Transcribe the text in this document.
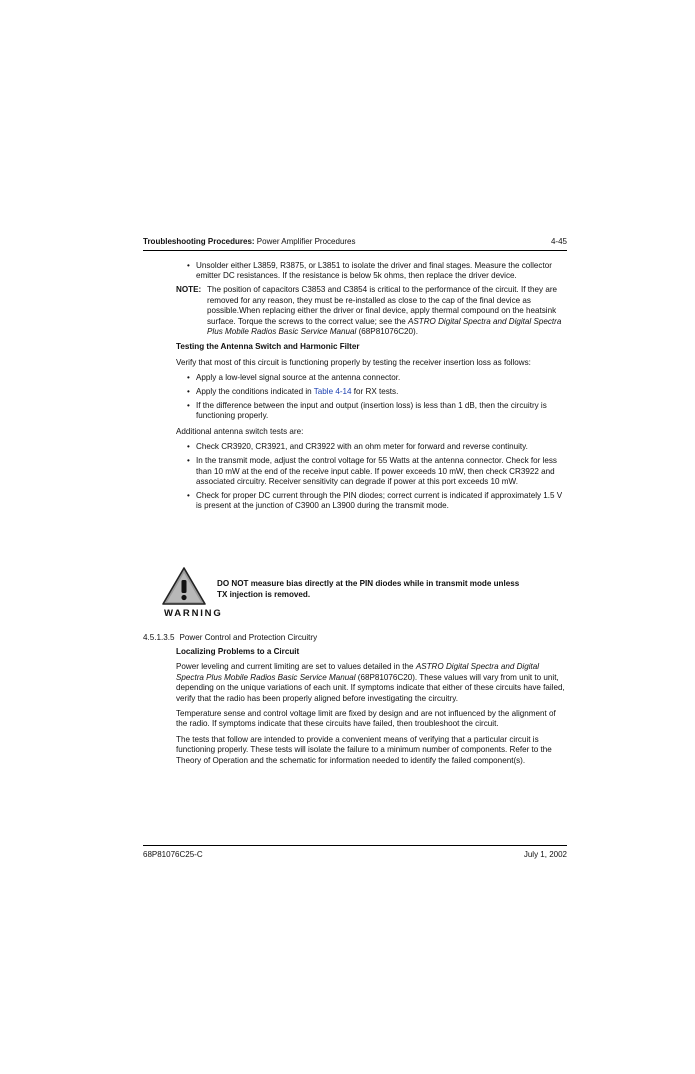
Troubleshooting Procedures: Power Amplifier Procedures	4-45
• Unsolder either L3859, R3875, or L3851 to isolate the driver and final stages. Measure the collector emitter DC resistances. If the resistance is below 5k ohms, then replace the driver device.
NOTE: The position of capacitors C3853 and C3854 is critical to the performance of the circuit. If they are removed for any reason, they must be re-installed as close to the cap of the final device as possible.When replacing either the driver or final device, apply thermal compound on the heatsink surface. Torque the screws to the correct value; see the ASTRO Digital Spectra and Digital Spectra Plus Mobile Radios Basic Service Manual (68P81076C20).
Testing the Antenna Switch and Harmonic Filter
Verify that most of this circuit is functioning properly by testing the receiver insertion loss as follows:
• Apply a low-level signal source at the antenna connector.
• Apply the conditions indicated in Table 4-14 for RX tests.
• If the difference between the input and output (insertion loss) is less than 1 dB, then the circuitry is functioning properly.
Additional antenna switch tests are:
• Check CR3920, CR3921, and CR3922 with an ohm meter for forward and reverse continuity.
• In the transmit mode, adjust the control voltage for 55 Watts at the antenna connector. Check for less than 10 mW at the end of the receive input cable. If power exceeds 10 mW, then check CR3922 and associated circuitry. Receiver sensitivity can degrade if power at this port exceeds 10 mW.
• Check for proper DC current through the PIN diodes; correct current is indicated if approximately 1.5 V is present at the junction of C3900 an L3900 during the transmit mode.
WARNING
DO NOT measure bias directly at the PIN diodes while in transmit mode unless
TX injection is removed.
4.5.1.3.5 Power Control and Protection Circuitry
Localizing Problems to a Circuit
Power leveling and current limiting are set to values detailed in the ASTRO Digital Spectra and Digital Spectra Plus Mobile Radios Basic Service Manual (68P81076C20). These values will vary from unit to unit, depending on the unique variations of each unit. If symptoms indicate that either of these circuits have failed, verify that the radio has been properly aligned before investigating the circuitry.
Temperature sense and control voltage limit are fixed by design and are not influenced by the alignment of the radio. If symptoms indicate that these circuits have failed, then troubleshoot the circuit.
The tests that follow are intended to provide a convenient means of verifying that a particular circuit is functioning properly. These tests will isolate the failure to a minimum number of components. Refer to the Theory of Operation and the schematic for information needed to identify the failed component(s).
68P81076C25-C	July 1, 2002
